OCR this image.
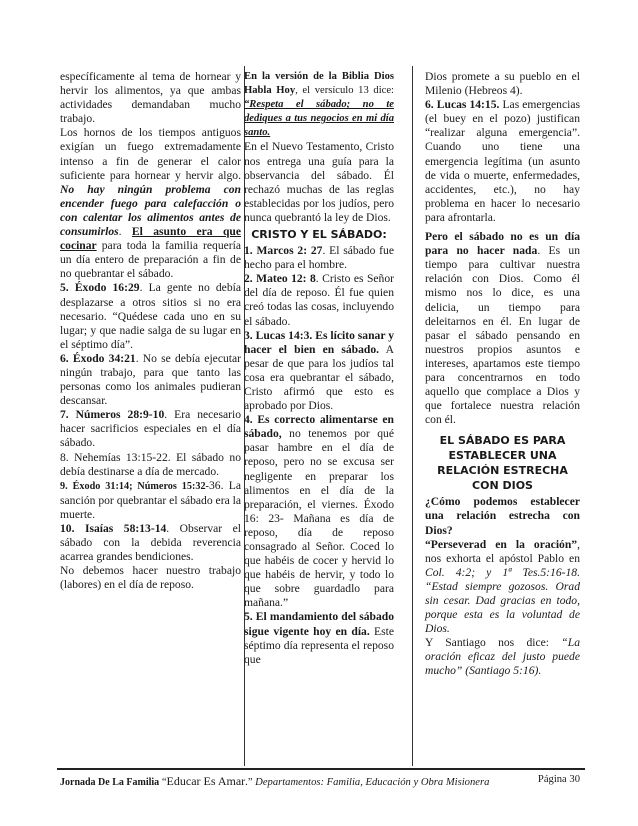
específicamente al tema de hornear y hervir los alimentos, ya que ambas actividades demandaban mucho trabajo.

Los hornos de los tiempos antiguos exigían un fuego extremadamente intenso a fin de generar el calor suficiente para hornear y hervir algo. No hay ningún problema con encender fuego para calefacción o con calentar los alimentos antes de consumirlos. El asunto era que cocinar para toda la familia requería un día entero de preparación a fin de no quebrantar el sábado.

5. Éxodo 16:29. La gente no debía desplazarse a otros sitios si no era necesario. “Quédese cada uno en su lugar; y que nadie salga de su lugar en el séptimo día”.

6. Éxodo 34:21. No se debía ejecutar ningún trabajo, para que tanto las personas como los animales pudieran descansar.

7. Números 28:9-10. Era necesario hacer sacrificios especiales en el día sábado.

8. Nehemías 13:15-22. El sábado no debía destinarse a día de mercado.

9. Éxodo 31:14; Números 15:32-36. La sanción por quebrantar el sábado era la muerte.

10. Isaías 58:13-14. Observar el sábado con la debida reverencia acarrea grandes bendiciones.

No debemos hacer nuestro trabajo (labores) en el día de reposo.

En la versión de la Biblia Dios Habla Hoy, el versículo 13 dice: “Respeta el sábado; no te dediques a tus negocios en mi día santo.

En el Nuevo Testamento, Cristo nos entrega una guía para la observancia del sábado. Él rechazó muchas de las reglas establecidas por los judíos, pero nunca quebrantó la ley de Dios.

CRISTO Y EL SÁBADO:

1. Marcos 2: 27. El sábado fue hecho para el hombre.

2. Mateo 12: 8. Cristo es Señor del día de reposo. Él fue quien creó todas las cosas, incluyendo el sábado.

3. Lucas 14:3. Es lícito sanar y hacer el bien en sábado. A pesar de que para los judíos tal cosa era quebrantar el sábado, Cristo afirmó que esto es aprobado por Dios.

4. Es correcto alimentarse en sábado, no tenemos por qué pasar hambre en el día de reposo, pero no se excusa ser negligente en preparar los alimentos en el día de la preparación, el viernes. Éxodo 16: 23- Mañana es día de reposo, día de reposo consagrado al Señor. Coced lo que habéis de cocer y hervid lo que habéis de hervir, y todo lo que sobre guardadlo para mañana.”

5. El mandamiento del sábado sigue vigente hoy en día. Este séptimo día representa el reposo que

Dios promete a su pueblo en el Milenio (Hebreos 4).

6. Lucas 14:15. Las emergencias (el buey en el pozo) justifican “realizar alguna emergencia”. Cuando uno tiene una emergencia legítima (un asunto de vida o muerte, enfermedades, accidentes, etc.), no hay problema en hacer lo necesario para afrontarla.

Pero el sábado no es un día para no hacer nada. Es un tiempo para cultivar nuestra relación con Dios. Como él mismo nos lo dice, es una delicia, un tiempo para deleitarnos en él. En lugar de pasar el sábado pensando en nuestros propios asuntos e intereses, apartamos este tiempo para concentrarnos en todo aquello que complace a Dios y que fortalece nuestra relación con él.

EL SÁBADO ES PARA ESTABLECER UNA RELACIÓN ESTRECHA CON DIOS

¿Cómo podemos establecer una relación estrecha con Dios?

“Perseverad en la oración”, nos exhorta el apóstol Pablo en Col. 4:2; y 1ª Tes.5:16-18. “Estad siempre gozosos. Orad sin cesar. Dad gracias en todo, porque esta es la voluntad de Dios.

Y Santiago nos dice: “La oración eficaz del justo puede mucho” (Santiago 5:16).

Jornada De La Familia “Educar Es Amar.” Departamentos: Familia, Educación y Obra Misionera	Página 30
